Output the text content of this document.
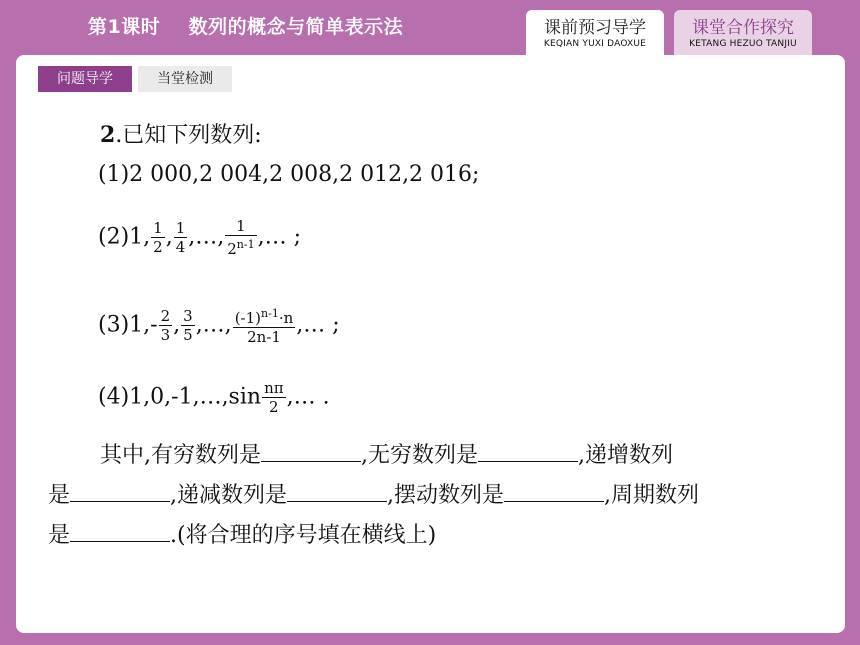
第1课时    数列的概念与简单表示法	课前预习导学
KEQIAN YUXI DAOXUE
课堂合作探究
KETANG HEZUO TANJIU
问题导学	当堂检测
2.已知下列数列:
(1)2 000,2 004,2 008,2 012,2 016;
(2)1, $\frac{1}{2}$ , $\frac{1}{4}$ ,…, $\frac{1}{2^{n-1}}$ ,… ;
$(3)1,- \frac{2}{3}$ , $\frac{3}{5}$ ,…, $\frac{(-1)^{n-1}\cdot n}{2n-1}$ ,… ;
(4)1,0,-1,…,sin $\frac{n\pi}{2}$ ,… .
其中,有穷数列是	,无穷数列是	,递增数列
是	,递减数列是	,摆动数列是	,周期数列
是	.(将合理的序号填在横线上)
